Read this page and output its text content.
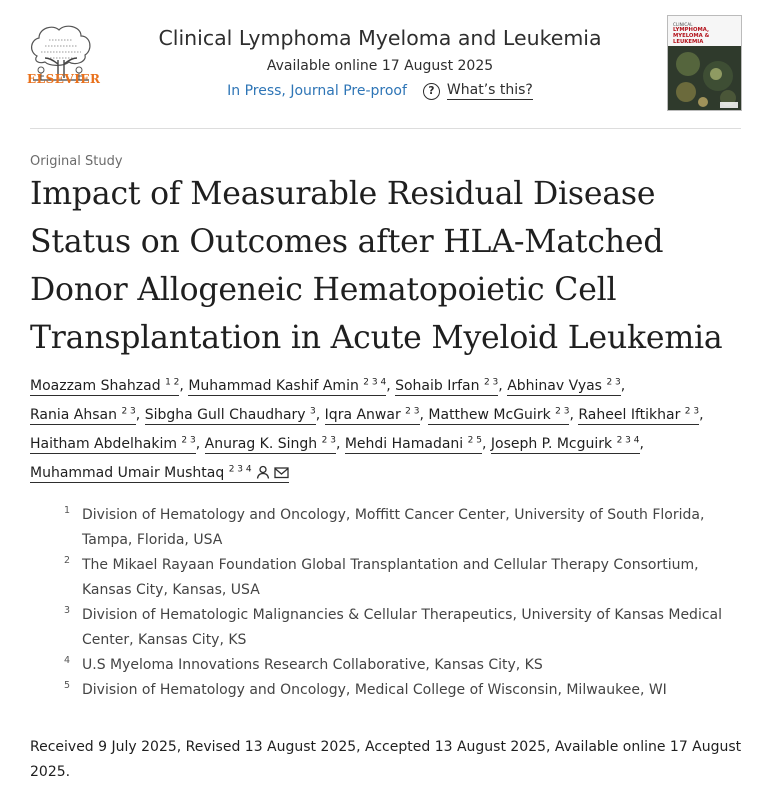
ELSEVIER
Clinical Lymphoma Myeloma and Leukemia
Available online 17 August 2025
In Press, Journal Pre-proof	? What’s this?
CLINICAL
LYMPHOMA,
MYELOMA & LEUKEMIA
Original Study
Impact of Measurable Residual Disease Status on Outcomes after HLA-Matched Donor Allogeneic Hematopoietic Cell Transplantation in Acute Myeloid Leukemia
Moazzam Shahzad $^{1 2}$, Muhammad Kashif Amin $^{2 3 4}$, Sohaib Irfan $^{2 3}$, Abhinav Vyas $^{2 3}$,
Rania Ahsan $^{2 3}$, Sibgha Gull Chaudhary $^3$, Iqra Anwar $^{2 3}$, Matthew McGuirk $^{2 3}$, Raheel Iftikhar $^{2 3}$,
Haitham Abdelhakim $^{2 3}$, Anurag K. Singh $^{2 3}$, Mehdi Hamadani $^{2 5}$, Joseph P. Mcguirk $^{2 3 4}$,
Muhammad Umair Mushtaq $^{2 3 4}$
1 Division of Hematology and Oncology, Moffitt Cancer Center, University of South Florida, Tampa, Florida, USA
2 The Mikael Rayaan Foundation Global Transplantation and Cellular Therapy Consortium, Kansas City, Kansas, USA
3 Division of Hematologic Malignancies & Cellular Therapeutics, University of Kansas Medical Center, Kansas City, KS
4 U.S Myeloma Innovations Research Collaborative, Kansas City, KS
5 Division of Hematology and Oncology, Medical College of Wisconsin, Milwaukee, WI
Received 9 July 2025, Revised 13 August 2025, Accepted 13 August 2025, Available online 17 August 2025.
